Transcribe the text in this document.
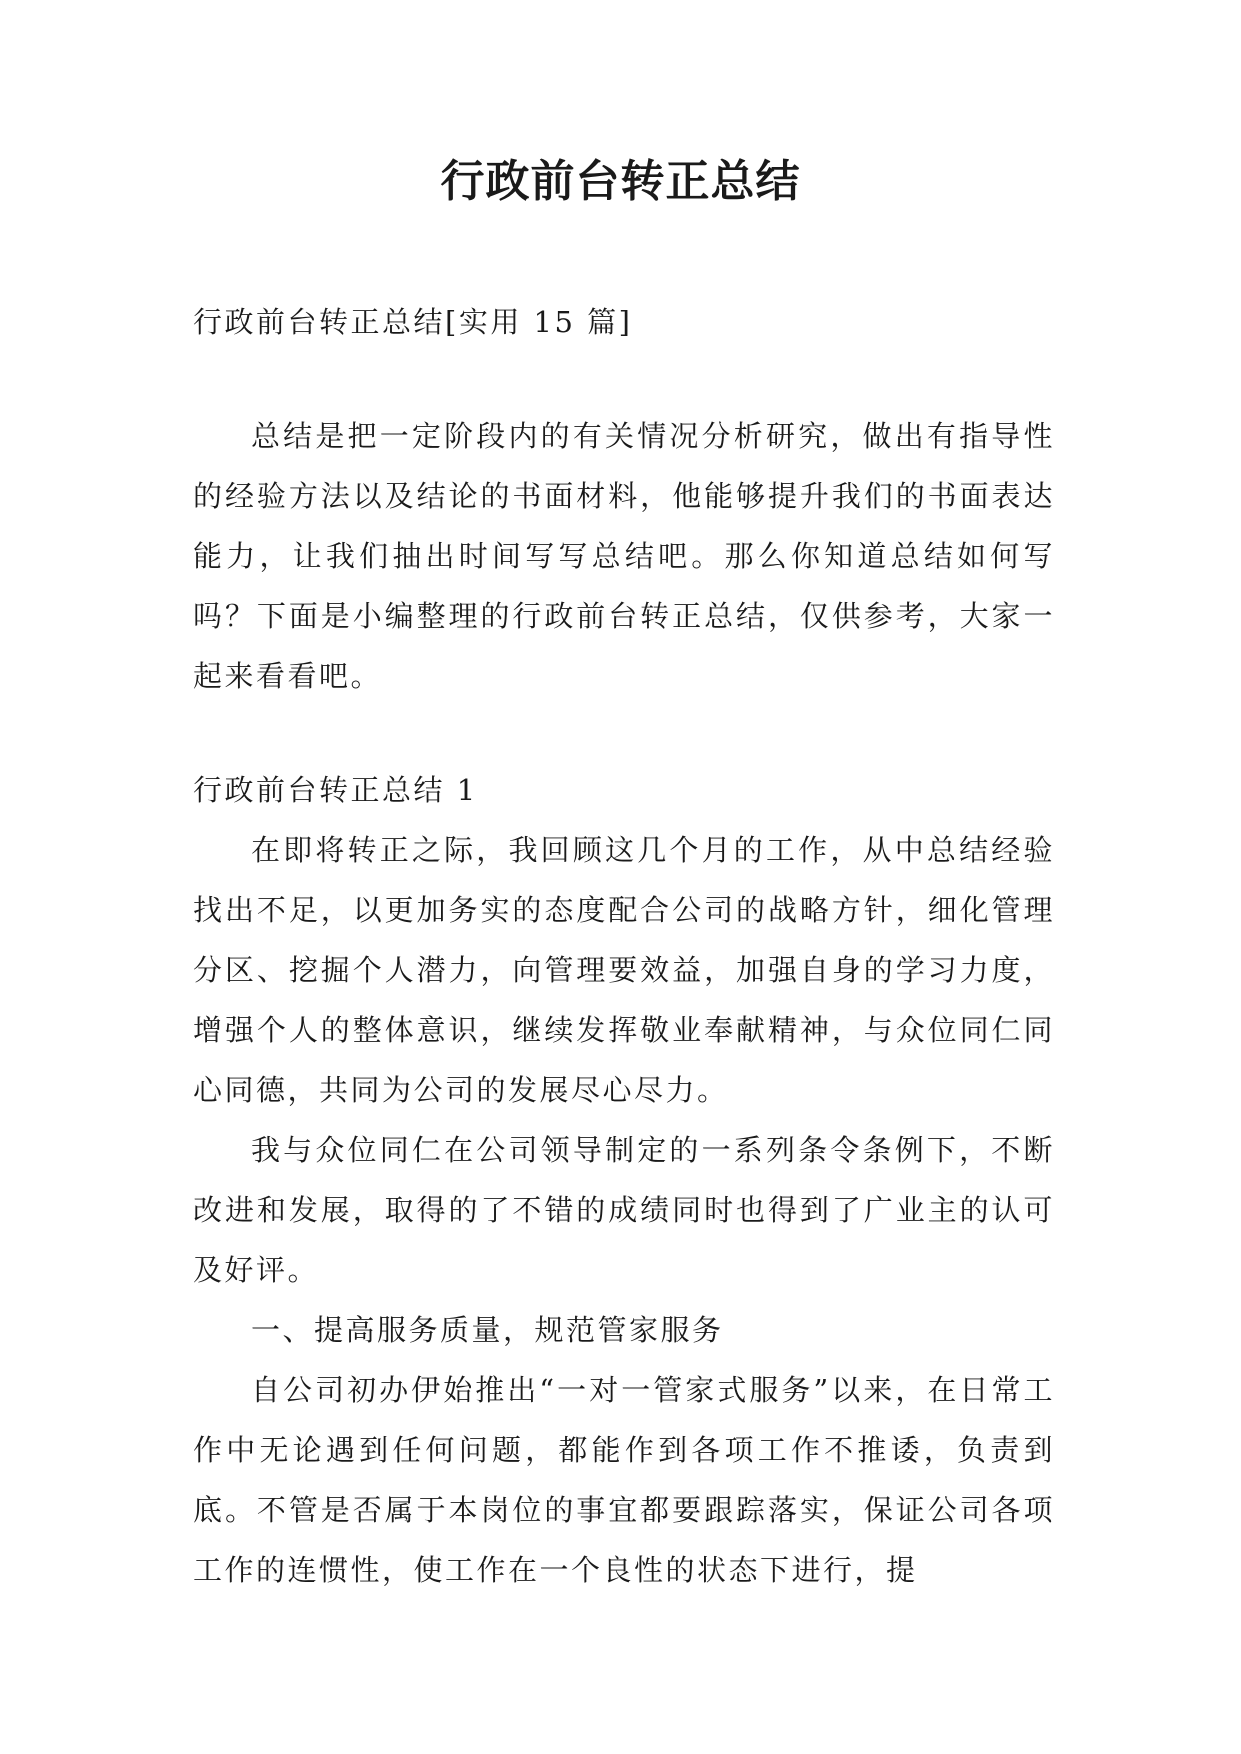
行政前台转正总结

行政前台转正总结[实用 15 篇]

总结是把一定阶段内的有关情况分析研究，做出有指导性的经验方法以及结论的书面材料，他能够提升我们的书面表达能力，让我们抽出时间写写总结吧。那么你知道总结如何写吗？下面是小编整理的行政前台转正总结，仅供参考，大家一起来看看吧。

行政前台转正总结 1

在即将转正之际，我回顾这几个月的工作，从中总结经验找出不足，以更加务实的态度配合公司的战略方针，细化管理分区、挖掘个人潜力，向管理要效益，加强自身的学习力度，增强个人的整体意识，继续发挥敬业奉献精神，与众位同仁同心同德，共同为公司的发展尽心尽力。

我与众位同仁在公司领导制定的一系列条令条例下，不断改进和发展，取得的了不错的成绩同时也得到了广业主的认可及好评。

一、提高服务质量，规范管家服务

自公司初办伊始推出“一对一管家式服务”以来，在日常工作中无论遇到任何问题，都能作到各项工作不推诿，负责到底。不管是否属于本岗位的事宜都要跟踪落实，保证公司各项工作的连惯性，使工作在一个良性的状态下进行，提
